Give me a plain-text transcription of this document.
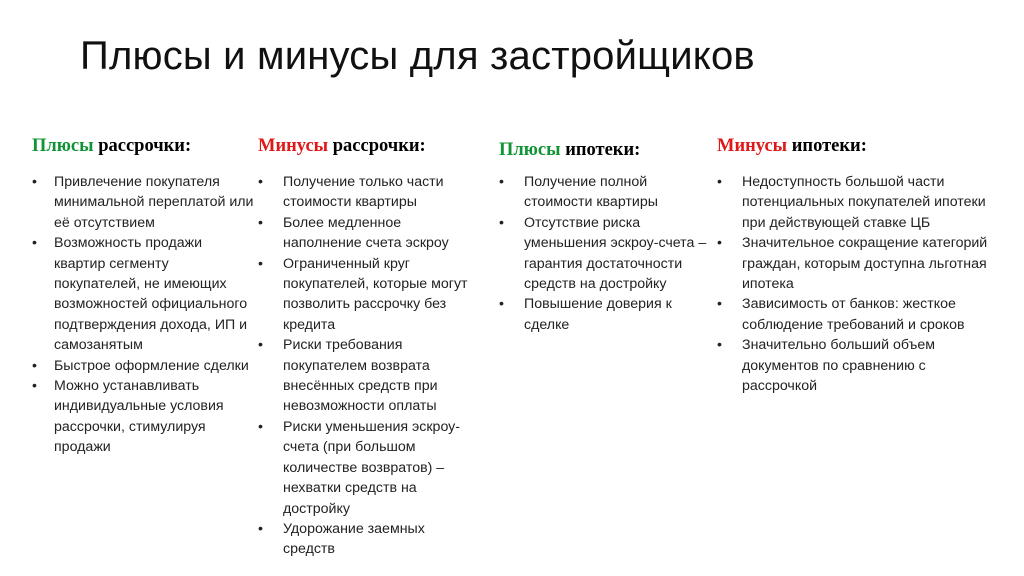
Плюсы и минусы для застройщиков
Плюсы рассрочки:
• Привлечение покупателя минимальной переплатой или её отсутствием
• Возможность продажи квартир сегменту покупателей, не имеющих возможностей официального подтверждения дохода, ИП и самозанятым
• Быстрое оформление сделки
• Можно устанавливать индивидуальные условия рассрочки, стимулируя продажи
Минусы рассрочки:
• Получение только части стоимости квартиры
• Более медленное наполнение счета эскроу
• Ограниченный круг покупателей, которые могут позволить рассрочку без кредита
• Риски требования покупателем возврата внесённых средств при невозможности оплаты
• Риски уменьшения эскроу-счета (при большом количестве возвратов) – нехватки средств на достройку
• Удорожание заемных средств
Плюсы ипотеки:
• Получение полной стоимости квартиры
• Отсутствие риска уменьшения эскроу-счета – гарантия достаточности средств на достройку
• Повышение доверия к сделке
Минусы ипотеки:
• Недоступность большой части потенциальных покупателей ипотеки при действующей ставке ЦБ
• Значительное сокращение категорий граждан, которым доступна льготная ипотека
• Зависимость от банков: жесткое соблюдение требований и сроков
• Значительно больший объем документов по сравнению с рассрочкой
